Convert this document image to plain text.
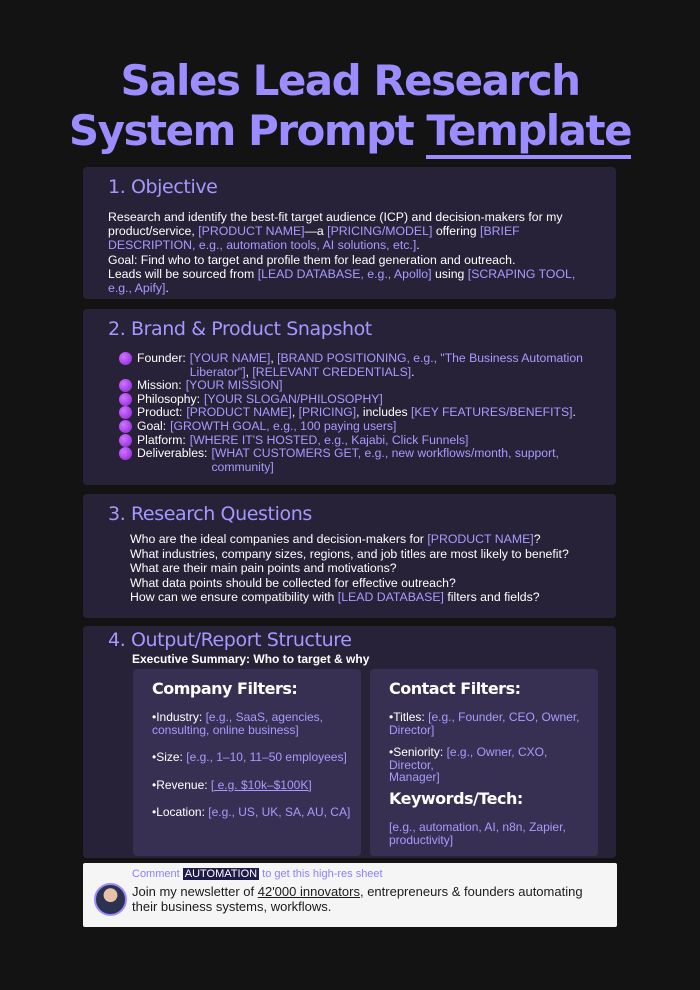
Sales Lead Research
System Prompt Template
1. Objective
Research and identify the best-fit target audience (ICP) and decision-makers for my
product/service, [PRODUCT NAME]—a [PRICING/MODEL] offering [BRIEF
DESCRIPTION, e.g., automation tools, AI solutions, etc.].
Goal: Find who to target and profile them for lead generation and outreach.
Leads will be sourced from [LEAD DATABASE, e.g., Apollo] using [SCRAPING TOOL,
e.g., Apify].
2. Brand & Product Snapshot
Founder: [YOUR NAME], [BRAND POSITIONING, e.g., "The Business Automation
Liberator"], [RELEVANT CREDENTIALS].
Mission: [YOUR MISSION]
Philosophy: [YOUR SLOGAN/PHILOSOPHY]
Product: [PRODUCT NAME], [PRICING], includes [KEY FEATURES/BENEFITS].
Goal: [GROWTH GOAL, e.g., 100 paying users]
Platform: [WHERE IT'S HOSTED, e.g., Kajabi, Click Funnels]
Deliverables: [WHAT CUSTOMERS GET, e.g., new workflows/month, support,
community]
3. Research Questions
Who are the ideal companies and decision-makers for [PRODUCT NAME]?
What industries, company sizes, regions, and job titles are most likely to benefit?
What are their main pain points and motivations?
What data points should be collected for effective outreach?
How can we ensure compatibility with [LEAD DATABASE] filters and fields?
4. Output/Report Structure
Executive Summary: Who to target & why
Company Filters:
•Industry: [e.g., SaaS, agencies,
consulting, online business]
•Size: [e.g., 1–10, 11–50 employees]
•Revenue: [ e.g. $10k–$100K]
•Location: [e.g., US, UK, SA, AU, CA]
Contact Filters:
•Titles: [e.g., Founder, CEO, Owner,
Director]
•Seniority: [e.g., Owner, CXO, Director,
Manager]
Keywords/Tech:
[e.g., automation, AI, n8n, Zapier,
productivity]
Comment AUTOMATION to get this high-res sheet
Join my newsletter of 42'000 innovators, entrepreneurs & founders automating
their business systems, workflows.
